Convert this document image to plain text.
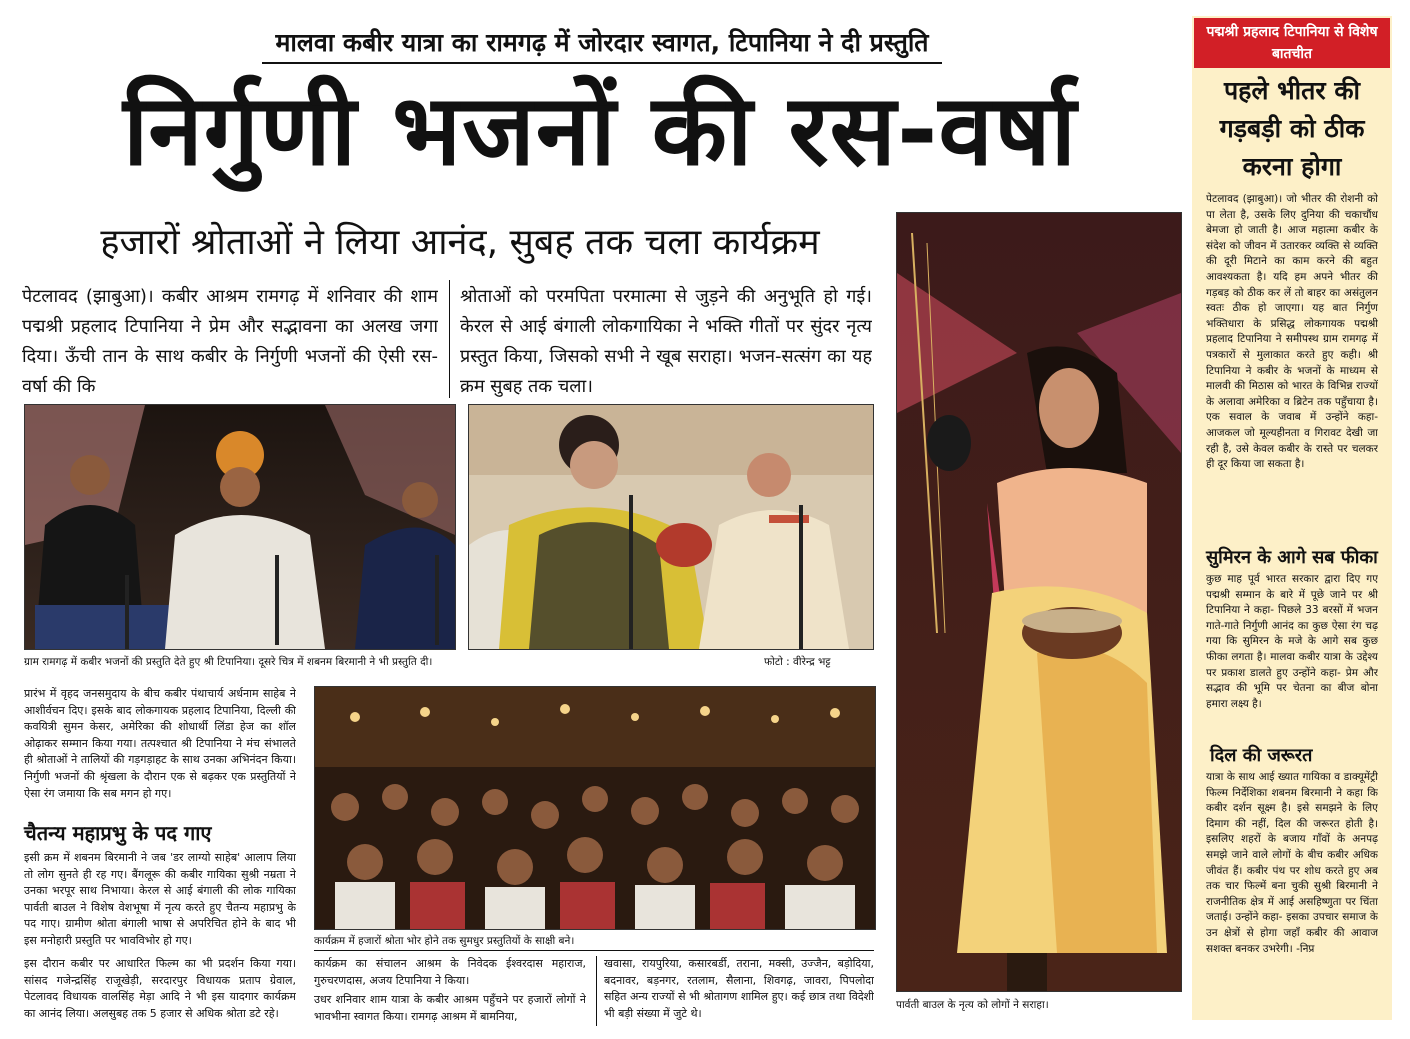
मालवा कबीर यात्रा का रामगढ़ में जोरदार स्वागत, टिपानिया ने दी प्रस्तुति
निर्गुणी भजनों की रस-वर्षा
हजारों श्रोताओं ने लिया आनंद, सुबह तक चला कार्यक्रम
पेटलावद (झाबुआ)। कबीर आश्रम रामगढ़ में शनिवार की शाम पद्मश्री प्रहलाद टिपानिया ने प्रेम और सद्भावना का अलख जगा दिया। ऊँची तान के साथ कबीर के निर्गुणी भजनों की ऐसी रस-वर्षा की कि
श्रोताओं को परमपिता परमात्मा से जुड़ने की अनुभूति हो गई। केरल से आई बंगाली लोकगायिका ने भक्ति गीतों पर सुंदर नृत्य प्रस्तुत किया, जिसको सभी ने खूब सराहा। भजन-सत्संग का यह क्रम सुबह तक चला।
ग्राम रामगढ़ में कबीर भजनों की प्रस्तुति देते हुए श्री टिपानिया। दूसरे चित्र में शबनम बिरमानी ने भी प्रस्तुति दी।	फोटो : वीरेन्द्र भट्ट
प्रारंभ में वृहद जनसमुदाय के बीच कबीर पंथाचार्य अर्धनाम साहेब ने आशीर्वचन दिए। इसके बाद लोकगायक प्रहलाद टिपानिया, दिल्ली की कवयित्री सुमन केसर, अमेरिका की शोधार्थी लिंडा हेज का शॉल ओढ़ाकर सम्मान किया गया। तत्पश्चात श्री टिपानिया ने मंच संभालते ही श्रोताओं ने तालियों की गड़गड़ाहट के साथ उनका अभिनंदन किया। निर्गुणी भजनों की श्रृंखला के दौरान एक से बढ़कर एक प्रस्तुतियों ने ऐसा रंग जमाया कि सब मगन हो गए।
चैतन्य महाप्रभु के पद गाए
इसी क्रम में शबनम बिरमानी ने जब 'डर लाग्यो साहेब' आलाप लिया तो लोग सुनते ही रह गए। बैंगलूरू की कबीर गायिका सुश्री नम्रता ने उनका भरपूर साथ निभाया। केरल से आई बंगाली की लोक गायिका पार्वती बाउल ने विशेष वेशभूषा में नृत्य करते हुए चैतन्य महाप्रभु के पद गाए। ग्रामीण श्रोता बंगाली भाषा से अपरिचित होने के बाद भी इस मनोहारी प्रस्तुति पर भावविभोर हो गए।
इस दौरान कबीर पर आधारित फिल्म का भी प्रदर्शन किया गया। सांसद गजेन्द्रसिंह राजूखेड़ी, सरदारपुर विधायक प्रताप ग्रेवाल, पेटलावद विधायक वालसिंह मेड़ा आदि ने भी इस यादगार कार्यक्रम का आनंद लिया। अलसुबह तक 5 हजार से अधिक श्रोता डटे रहे।
कार्यक्रम में हजारों श्रोता भोर होने तक सुमधुर प्रस्तुतियों के साक्षी बने।
कार्यक्रम का संचालन आश्रम के निवेदक ईश्वरदास महाराज, गुरुचरणदास, अजय टिपानिया ने किया।
उधर शनिवार शाम यात्रा के कबीर आश्रम पहुँचने पर हजारों लोगों ने भावभीना स्वागत किया। रामगढ़ आश्रम में बामनिया,
खवासा, रायपुरिया, कसारबर्डी, तराना, मक्सी, उज्जैन, बड़ोदिया, बदनावर, बड़नगर, रतलाम, सैलाना, शिवगढ़, जावरा, पिपलोदा सहित अन्य राज्यों से भी श्रोतागण शामिल हुए। कई छात्र तथा विदेशी भी बड़ी संख्या में जुटे थे।
पार्वती बाउल के नृत्य को लोगों ने सराहा।
पद्मश्री प्रहलाद टिपानिया से विशेष बातचीत
पहले भीतर की गड़बड़ी को ठीक करना होगा
पेटलावद (झाबुआ)। जो भीतर की रोशनी को पा लेता है, उसके लिए दुनिया की चकाचौंध बेमजा हो जाती है। आज महात्मा कबीर के संदेश को जीवन में उतारकर व्यक्ति से व्यक्ति की दूरी मिटाने का काम करने की बहुत आवश्यकता है। यदि हम अपने भीतर की गड़बड़ को ठीक कर लें तो बाहर का असंतुलन स्वतः ठीक हो जाएगा। यह बात निर्गुण भक्तिधारा के प्रसिद्ध लोकगायक पद्मश्री प्रहलाद टिपानिया ने समीपस्थ ग्राम रामगढ़ में पत्रकारों से मुलाकात करते हुए कही। श्री टिपानिया ने कबीर के भजनों के माध्यम से मालवी की मिठास को भारत के विभिन्न राज्यों के अलावा अमेरिका व ब्रिटेन तक पहुँचाया है। एक सवाल के जवाब में उन्होंने कहा- आजकल जो मूल्यहीनता व गिरावट देखी जा रही है, उसे केवल कबीर के रास्ते पर चलकर ही दूर किया जा सकता है।
सुमिरन के आगे सब फीका
कुछ माह पूर्व भारत सरकार द्वारा दिए गए पद्मश्री सम्मान के बारे में पूछे जाने पर श्री टिपानिया ने कहा- पिछले 33 बरसों में भजन गाते-गाते निर्गुणी आनंद का कुछ ऐसा रंग चढ़ गया कि सुमिरन के मजे के आगे सब कुछ फीका लगता है। मालवा कबीर यात्रा के उद्देश्य पर प्रकाश डालते हुए उन्होंने कहा- प्रेम और सद्भाव की भूमि पर चेतना का बीज बोना हमारा लक्ष्य है।
दिल की जरूरत
यात्रा के साथ आई ख्यात गायिका व डाक्यूमेंट्री फिल्म निर्देशिका शबनम बिरमानी ने कहा कि कबीर दर्शन सूक्ष्म है। इसे समझने के लिए दिमाग की नहीं, दिल की जरूरत होती है। इसलिए शहरों के बजाय गाँवों के अनपढ़ समझे जाने वाले लोगों के बीच कबीर अधिक जीवंत हैं। कबीर पंथ पर शोध करते हुए अब तक चार फिल्में बना चुकी सुश्री बिरमानी ने राजनीतिक क्षेत्र में आई असहिष्णुता पर चिंता जताई। उन्होंने कहा- इसका उपचार समाज के उन क्षेत्रों से होगा जहाँ कबीर की आवाज सशक्त बनकर उभरेगी। -निप्र
